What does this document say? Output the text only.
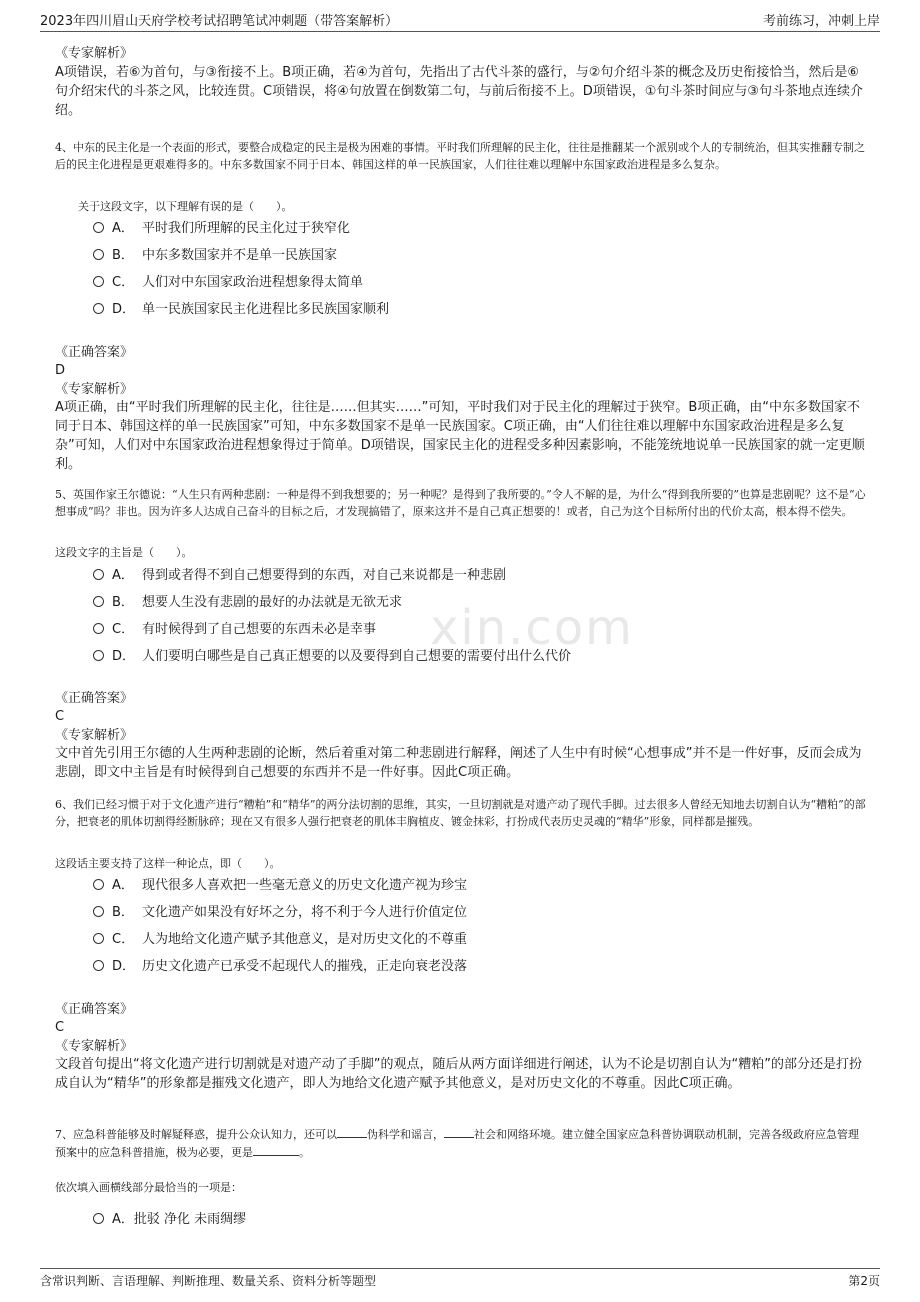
2023年四川眉山天府学校考试招聘笔试冲刺题（带答案解析）	考前练习，冲刺上岸
xin.com
《专家解析》
A项错误，若⑥为首句，与③衔接不上。B项正确，若④为首句，先指出了古代斗茶的盛行，与②句介绍斗茶的概念及历史衔接恰当，然后是⑥句介绍宋代的斗茶之风，比较连贯。C项错误，将④句放置在倒数第二句，与前后衔接不上。D项错误，①句斗茶时间应与③句斗茶地点连续介绍。
4、中东的民主化是一个表面的形式，要整合成稳定的民主是极为困难的事情。平时我们所理解的民主化，往往是推翻某一个派别或个人的专制统治，但其实推翻专制之后的民主化进程是更艰难得多的。中东多数国家不同于日本、韩国这样的单一民族国家，人们往往难以理解中东国家政治进程是多么复杂。
关于这段文字，以下理解有误的是（　　）。
A． 平时我们所理解的民主化过于狭窄化
B． 中东多数国家并不是单一民族国家
C． 人们对中东国家政治进程想象得太简单
D． 单一民族国家民主化进程比多民族国家顺利
《正确答案》
D
《专家解析》
A项正确，由“平时我们所理解的民主化，往往是……但其实……”可知，平时我们对于民主化的理解过于狭窄。B项正确，由“中东多数国家不同于日本、韩国这样的单一民族国家”可知，中东多数国家不是单一民族国家。C项正确，由“人们往往难以理解中东国家政治进程是多么复杂”可知，人们对中东国家政治进程想象得过于简单。D项错误，国家民主化的进程受多种因素影响，不能笼统地说单一民族国家的就一定更顺利。
5、英国作家王尔德说：“人生只有两种悲剧：一种是得不到我想要的；另一种呢？是得到了我所要的。”令人不解的是，为什么“得到我所要的”也算是悲剧呢？这不是“心想事成”吗？非也。因为许多人达成自己奋斗的目标之后，才发现搞错了，原来这并不是自己真正想要的！或者，自己为这个目标所付出的代价太高，根本得不偿失。
这段文字的主旨是（　　）。
A． 得到或者得不到自己想要得到的东西，对自己来说都是一种悲剧
B． 想要人生没有悲剧的最好的办法就是无欲无求
C． 有时候得到了自己想要的东西未必是幸事
D． 人们要明白哪些是自己真正想要的以及要得到自己想要的需要付出什么代价
《正确答案》
C
《专家解析》
文中首先引用王尔德的人生两种悲剧的论断，然后着重对第二种悲剧进行解释，阐述了人生中有时候“心想事成”并不是一件好事，反而会成为悲剧，即文中主旨是有时候得到自己想要的东西并不是一件好事。因此C项正确。
6、我们已经习惯于对于文化遗产进行“糟粕”和“精华”的两分法切割的思维，其实，一旦切割就是对遗产动了现代手脚。过去很多人曾经无知地去切割自认为“糟粕”的部分，把衰老的肌体切割得经断脉碎；现在又有很多人强行把衰老的肌体丰胸植皮、镀金抹彩，打扮成代表历史灵魂的“精华”形象，同样都是摧残。
这段话主要支持了这样一种论点，即（　　）。
A． 现代很多人喜欢把一些毫无意义的历史文化遗产视为珍宝
B． 文化遗产如果没有好坏之分，将不利于今人进行价值定位
C． 人为地给文化遗产赋予其他意义，是对历史文化的不尊重
D． 历史文化遗产已承受不起现代人的摧残，正走向衰老没落
《正确答案》
C
《专家解析》
文段首句提出“将文化遗产进行切割就是对遗产动了手脚”的观点，随后从两方面详细进行阐述，认为不论是切割自认为“糟粕”的部分还是打扮成自认为“精华”的形象都是摧残文化遗产，即人为地给文化遗产赋予其他意义，是对历史文化的不尊重。因此C项正确。
7、应急科普能够及时解疑释惑，提升公众认知力，还可以	伪科学和谣言，	社会和网络环境。建立健全国家应急科普协调联动机制，完善各级政府应急管理预案中的应急科普措施，极为必要，更是	。
依次填入画横线部分最恰当的一项是：
A．批驳 净化 未雨绸缪
含常识判断、言语理解、判断推理、数量关系、资料分析等题型	第2页
